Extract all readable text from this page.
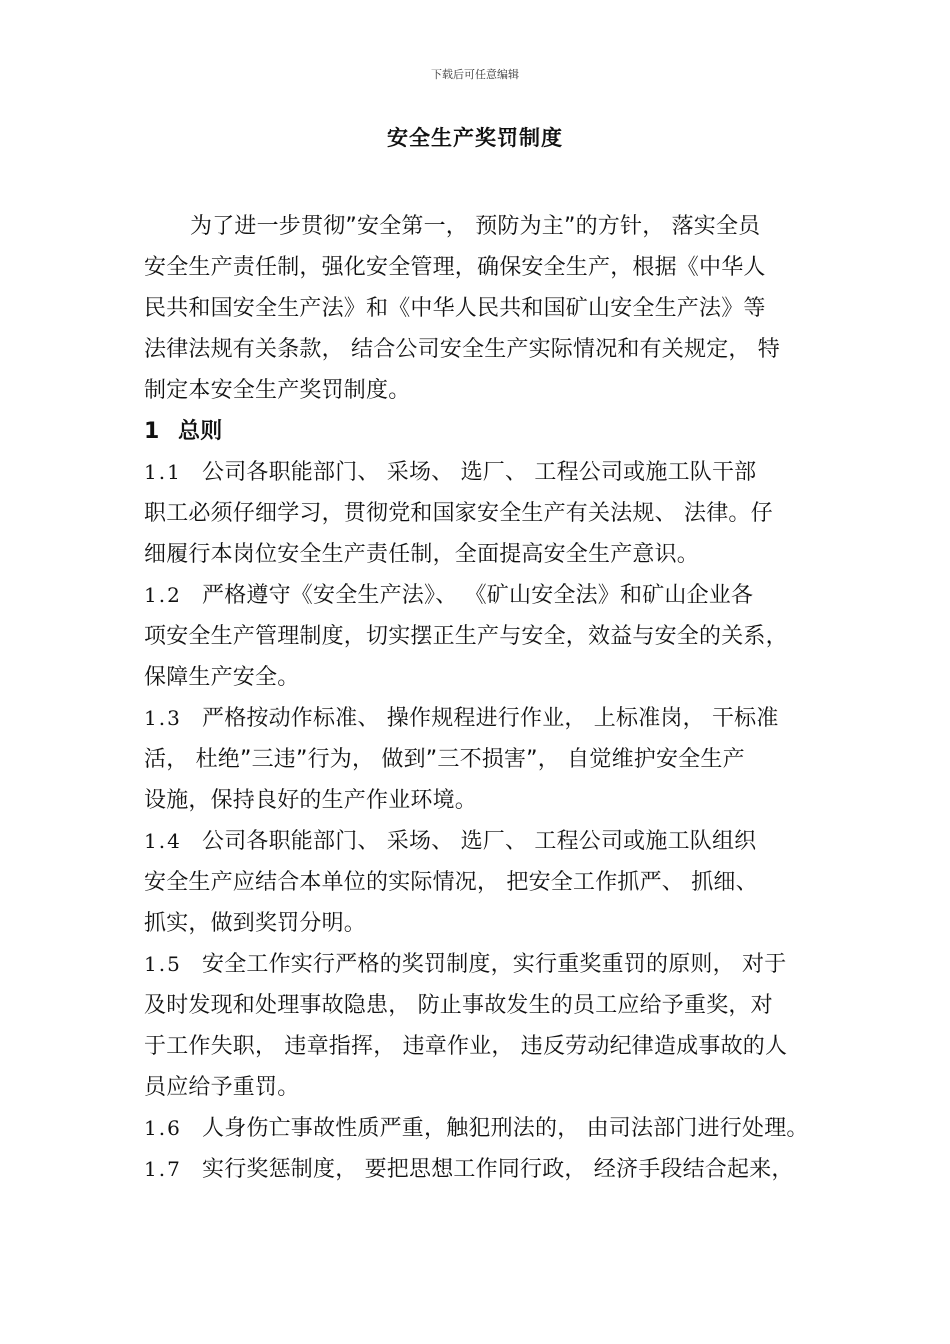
下载后可任意编辑
安全生产奖罚制度
为了进一步贯彻”安全第一， 预防为主”的方针， 落实全员
安全生产责任制，强化安全管理，确保安全生产，根据《中华人
民共和国安全生产法》和《中华人民共和国矿山安全生产法》等
法律法规有关条款， 结合公司安全生产实际情况和有关规定， 特
制定本安全生产奖罚制度。
1 总则
1.1 公司各职能部门、 采场、 选厂、 工程公司或施工队干部
职工必须仔细学习，贯彻党和国家安全生产有关法规、 法律。仔
细履行本岗位安全生产责任制，全面提高安全生产意识。
1.2 严格遵守《安全生产法》、 《矿山安全法》和矿山企业各
项安全生产管理制度，切实摆正生产与安全，效益与安全的关系，
保障生产安全。
1.3 严格按动作标准、 操作规程进行作业， 上标准岗， 干标准
活， 杜绝”三违”行为， 做到”三不损害”， 自觉维护安全生产
设施，保持良好的生产作业环境。
1.4 公司各职能部门、 采场、 选厂、 工程公司或施工队组织
安全生产应结合本单位的实际情况， 把安全工作抓严、 抓细、
抓实，做到奖罚分明。
1.5 安全工作实行严格的奖罚制度，实行重奖重罚的原则， 对于
及时发现和处理事故隐患， 防止事故发生的员工应给予重奖，对
于工作失职， 违章指挥， 违章作业， 违反劳动纪律造成事故的人
员应给予重罚。
1.6 人身伤亡事故性质严重，触犯刑法的， 由司法部门进行处理。
1.7 实行奖惩制度， 要把思想工作同行政， 经济手段结合起来，
